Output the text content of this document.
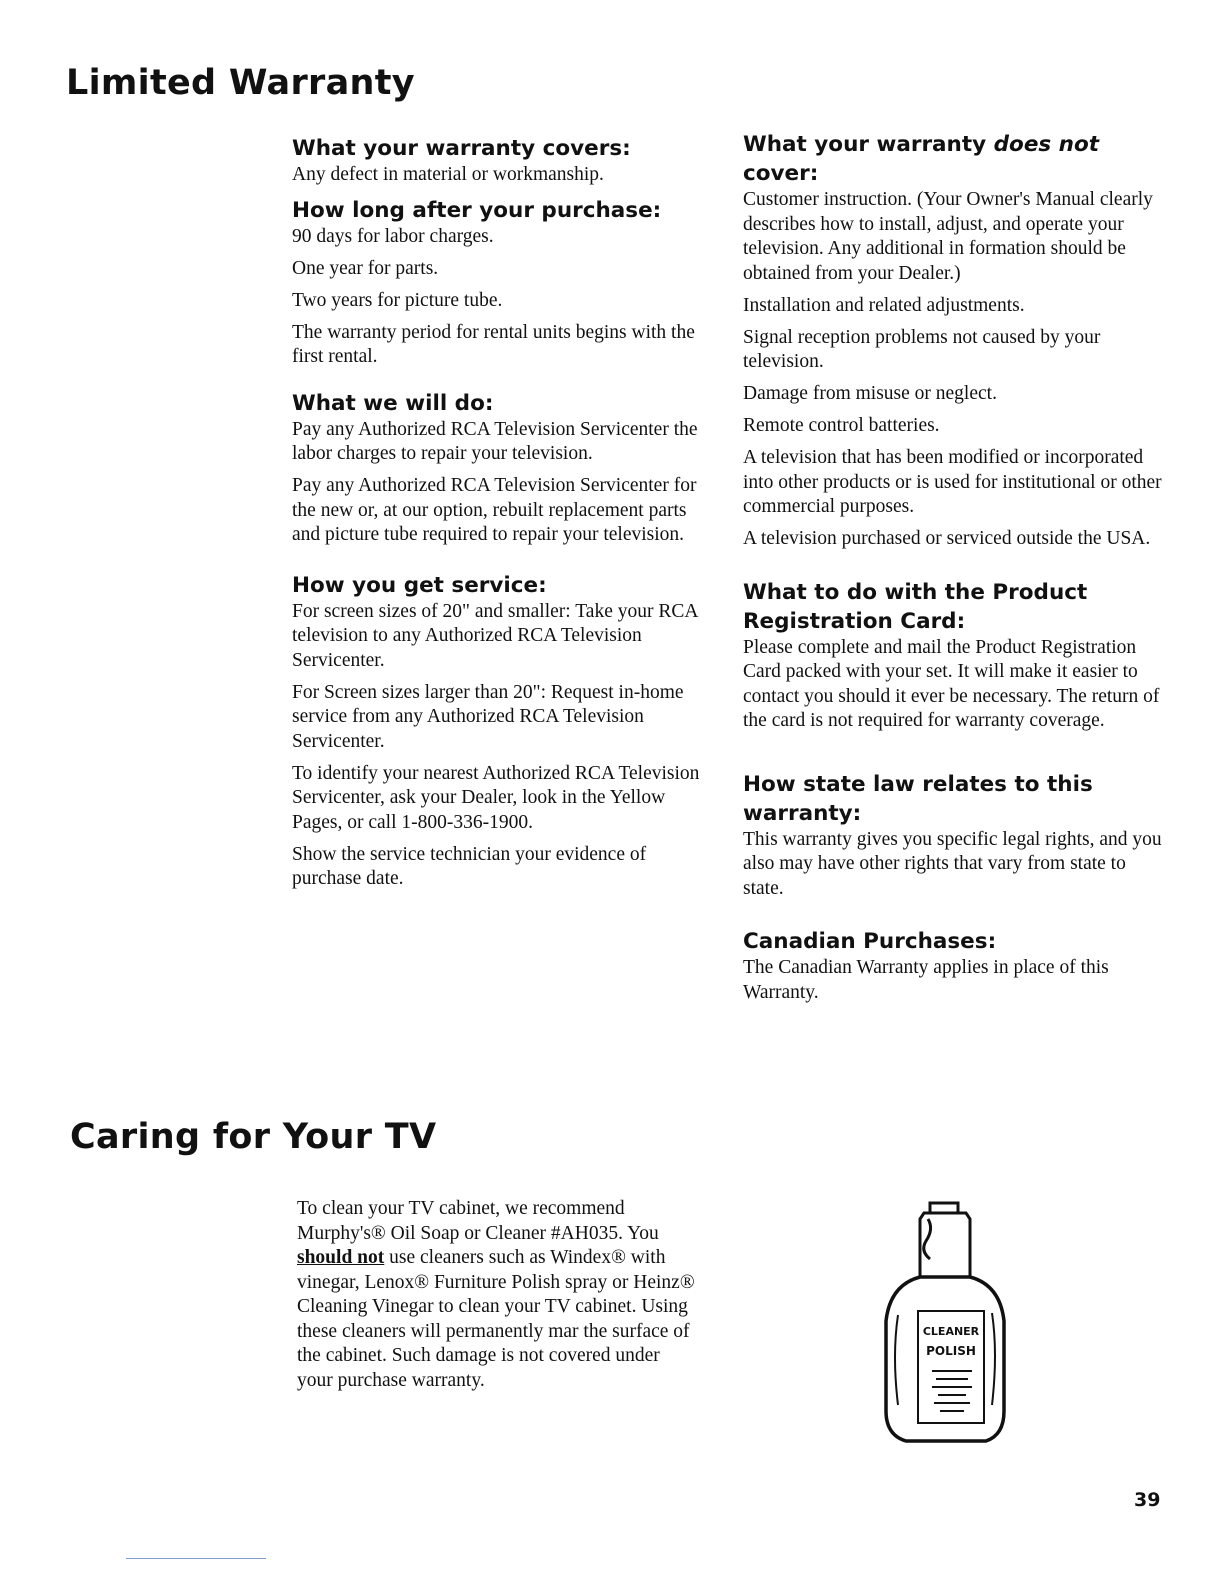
Limited Warranty
What your warranty covers:

Any defect in material or workmanship.

How long after your purchase:

90 days for labor charges.

One year for parts.

Two years for picture tube.

The warranty period for rental units begins with the first rental.

What we will do:

Pay any Authorized RCA Television Servicenter the labor charges to repair your television.

Pay any Authorized RCA Television Servicenter for the new or, at our option, rebuilt replacement parts and picture tube required to repair your television.

How you get service:

For screen sizes of 20" and smaller: Take your RCA television to any Authorized RCA Television Servicenter.

For Screen sizes larger than 20": Request in-home service from any Authorized RCA Television Servicenter.

To identify your nearest Authorized RCA Television Servicenter, ask your Dealer, look in the Yellow Pages, or call 1-800-336-1900.

Show the service technician your evidence of purchase date.

What your warranty does not
cover:

Customer instruction. (Your Owner's Manual clearly describes how to install, adjust, and operate your television. Any additional in formation should be obtained from your Dealer.)

Installation and related adjustments.

Signal reception problems not caused by your television.

Damage from misuse or neglect.

Remote control batteries.

A television that has been modified or incorporated into other products or is used for institutional or other commercial purposes.

A television purchased or serviced outside the USA.

What to do with the Product Registration Card:

Please complete and mail the Product Registration Card packed with your set. It will make it easier to contact you should it ever be necessary. The return of the card is not required for warranty coverage.

How state law relates to this warranty:

This warranty gives you specific legal rights, and you also may have other rights that vary from state to state.

Canadian Purchases:

The Canadian Warranty applies in place of this Warranty.

Caring for Your TV

To clean your TV cabinet, we recommend Murphy's® Oil Soap or Cleaner #AH035. You should not use cleaners such as Windex® with vinegar, Lenox® Furniture Polish spray or Heinz® Cleaning Vinegar to clean your TV cabinet. Using these cleaners will permanently mar the surface of the cabinet. Such damage is not covered under your purchase warranty.

CLEANER
POLISH
39
